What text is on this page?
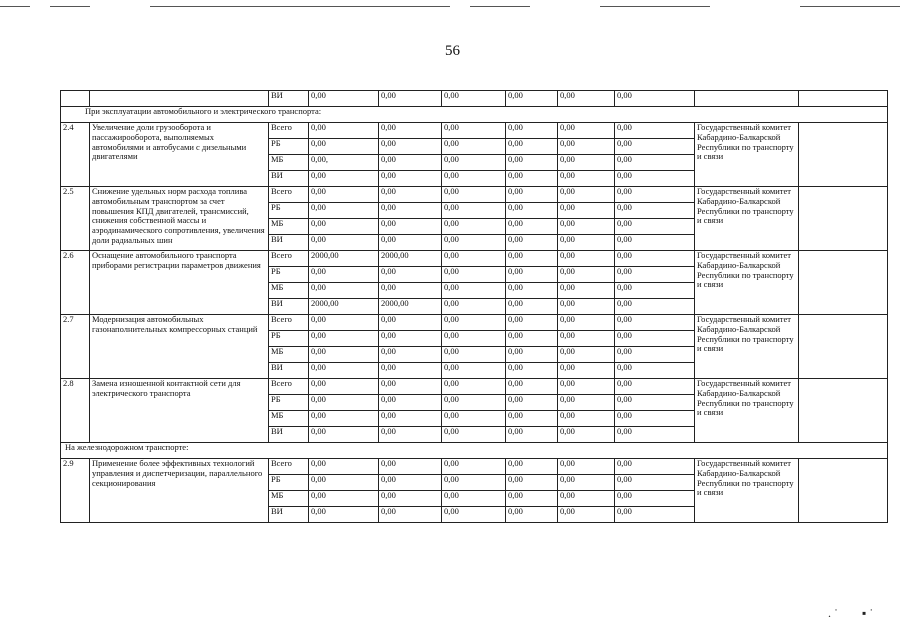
56
		ВИ	0,00	0,00	0,00	0,00	0,00	0,00		
При эксплуатации автомобильного и электрического транспорта:										
2.4	Увеличение доли грузооборота и пассажирооборота, выполняемых автомобилями и автобусами с дизельными двигателями	Всего	0,00	0,00	0,00	0,00	0,00	0,00	Государственный комитет Кабардино-Балкарской Республики по транспорту и связи	
		РБ	0,00	0,00	0,00	0,00	0,00	0,00		
		МБ	0,00,	0,00	0,00	0,00	0,00	0,00		
		ВИ	0,00	0,00	0,00	0,00	0,00	0,00		
2.5	Снижение удельных норм расхода топлива автомобильным транспортом за счет повышения КПД двигателей, трансмиссий, снижения собственной массы и аэродинамического сопротивления, увеличения доли радиальных шин	Всего	0,00	0,00	0,00	0,00	0,00	0,00	Государственный комитет Кабардино-Балкарской Республики по транспорту и связи	
		РБ	0,00	0,00	0,00	0,00	0,00	0,00		
		МБ	0,00	0,00	0,00	0,00	0,00	0,00		
		ВИ	0,00	0,00	0,00	0,00	0,00	0,00		
2.6	Оснащение автомобильного транспорта приборами регистрации параметров движения	Всего	2000,00	2000,00	0,00	0,00	0,00	0,00	Государственный комитет Кабардино-Балкарской Республики по транспорту и связи	
		РБ	0,00	0,00	0,00	0,00	0,00	0,00		
		МБ	0,00	0,00	0,00	0,00	0,00	0,00		
		ВИ	2000,00	2000,00	0,00	0,00	0,00	0,00		
2.7	Модернизация автомобильных газонаполнительных компрессорных станций	Всего	0,00	0,00	0,00	0,00	0,00	0,00	Государственный комитет Кабардино-Балкарской Республики по транспорту и связи	
		РБ	0,00	0,00	0,00	0,00	0,00	0,00		
		МБ	0,00	0,00	0,00	0,00	0,00	0,00		
		ВИ	0,00	0,00	0,00	0,00	0,00	0,00		
2.8	Замена изношенной контактной сети для электрического транспорта	Всего	0,00	0,00	0,00	0,00	0,00	0,00	Государственный комитет Кабардино-Балкарской Республики по транспорту и связи	
		РБ	0,00	0,00	0,00	0,00	0,00	0,00		
		МБ	0,00	0,00	0,00	0,00	0,00	0,00		
		ВИ	0,00	0,00	0,00	0,00	0,00	0,00		
На железнодорожном транспорте:										
2.9	Применение более эффективных технологий управления и диспетчеризации, параллельного секционирования	Всего	0,00	0,00	0,00	0,00	0,00	0,00	Государственный комитет Кабардино-Балкарской Республики по транспорту и связи	
		РБ	0,00	0,00	0,00	0,00	0,00	0,00		
		МБ	0,00	0,00	0,00	0,00	0,00	0,00		
		ВИ	0,00	0,00	0,00	0,00	0,00	0,00		
. ˙ ▪ ˙
